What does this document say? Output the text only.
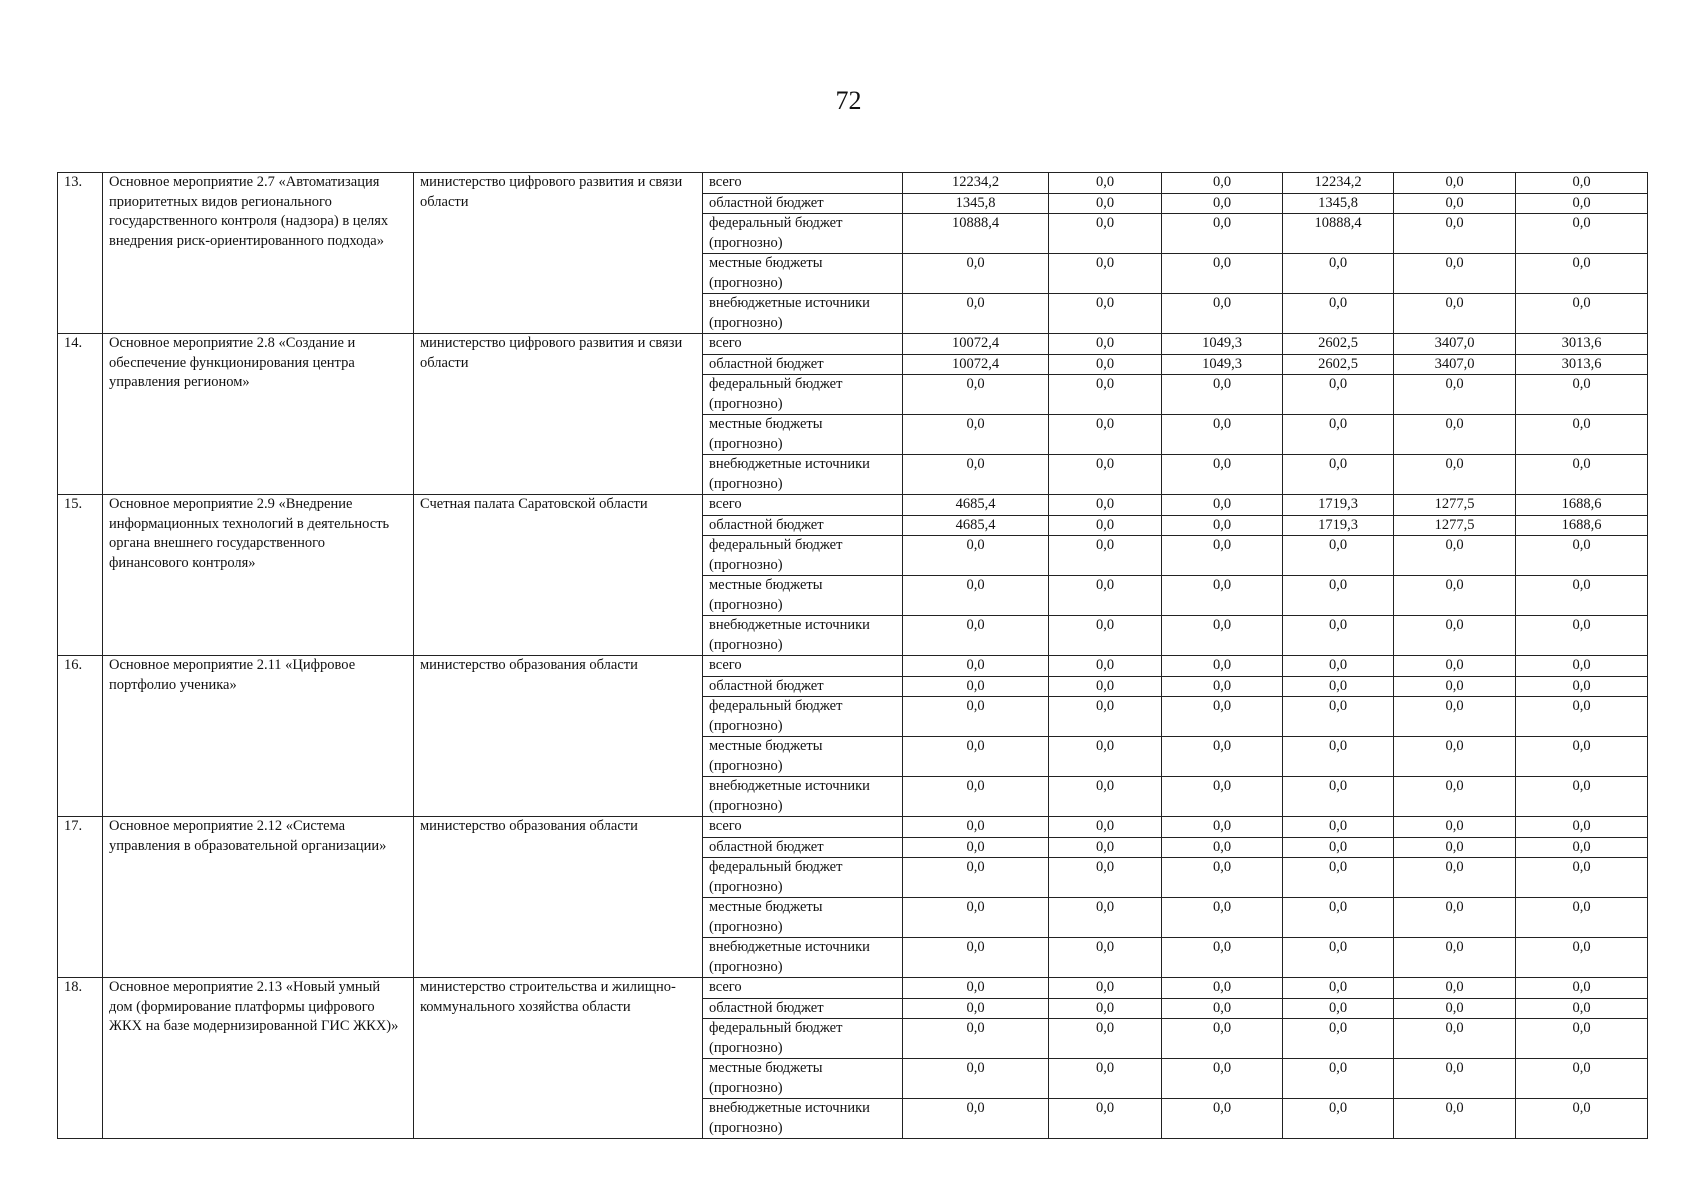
72
13.	Основное мероприятие 2.7 «Автоматизация приоритетных видов регионального государственного контроля (надзора) в целях внедрения риск-ориентированного подхода»	министерство цифрового развития и связи области	всего	12234,2	0,0	0,0	12234,2	0,0	0,0
			областной бюджет	1345,8	0,0	0,0	1345,8	0,0	0,0
			федеральный бюджет (прогнозно)	10888,4	0,0	0,0	10888,4	0,0	0,0
			местные бюджеты (прогнозно)	0,0	0,0	0,0	0,0	0,0	0,0
			внебюджетные источники (прогнозно)	0,0	0,0	0,0	0,0	0,0	0,0
14.	Основное мероприятие 2.8 «Создание и обеспечение функционирования центра управления регионом»	министерство цифрового развития и связи области	всего	10072,4	0,0	1049,3	2602,5	3407,0	3013,6
			областной бюджет	10072,4	0,0	1049,3	2602,5	3407,0	3013,6
			федеральный бюджет (прогнозно)	0,0	0,0	0,0	0,0	0,0	0,0
			местные бюджеты (прогнозно)	0,0	0,0	0,0	0,0	0,0	0,0
			внебюджетные источники (прогнозно)	0,0	0,0	0,0	0,0	0,0	0,0
15.	Основное мероприятие 2.9 «Внедрение информационных технологий в деятельность органа внешнего государственного финансового контроля»	Счетная палата Саратовской области	всего	4685,4	0,0	0,0	1719,3	1277,5	1688,6
			областной бюджет	4685,4	0,0	0,0	1719,3	1277,5	1688,6
			федеральный бюджет (прогнозно)	0,0	0,0	0,0	0,0	0,0	0,0
			местные бюджеты (прогнозно)	0,0	0,0	0,0	0,0	0,0	0,0
			внебюджетные источники (прогнозно)	0,0	0,0	0,0	0,0	0,0	0,0
16.	Основное мероприятие 2.11 «Цифровое портфолио ученика»	министерство образования области	всего	0,0	0,0	0,0	0,0	0,0	0,0
			областной бюджет	0,0	0,0	0,0	0,0	0,0	0,0
			федеральный бюджет (прогнозно)	0,0	0,0	0,0	0,0	0,0	0,0
			местные бюджеты (прогнозно)	0,0	0,0	0,0	0,0	0,0	0,0
			внебюджетные источники (прогнозно)	0,0	0,0	0,0	0,0	0,0	0,0
17.	Основное мероприятие 2.12 «Система управления в образовательной организации»	министерство образования области	всего	0,0	0,0	0,0	0,0	0,0	0,0
			областной бюджет	0,0	0,0	0,0	0,0	0,0	0,0
			федеральный бюджет (прогнозно)	0,0	0,0	0,0	0,0	0,0	0,0
			местные бюджеты (прогнозно)	0,0	0,0	0,0	0,0	0,0	0,0
			внебюджетные источники (прогнозно)	0,0	0,0	0,0	0,0	0,0	0,0
18.	Основное мероприятие 2.13 «Новый умный дом (формирование платформы цифрового ЖКХ на базе модернизированной ГИС ЖКХ)»	министерство строительства и жилищно-коммунального хозяйства области	всего	0,0	0,0	0,0	0,0	0,0	0,0
			областной бюджет	0,0	0,0	0,0	0,0	0,0	0,0
			федеральный бюджет (прогнозно)	0,0	0,0	0,0	0,0	0,0	0,0
			местные бюджеты (прогнозно)	0,0	0,0	0,0	0,0	0,0	0,0
			внебюджетные источники (прогнозно)	0,0	0,0	0,0	0,0	0,0	0,0
